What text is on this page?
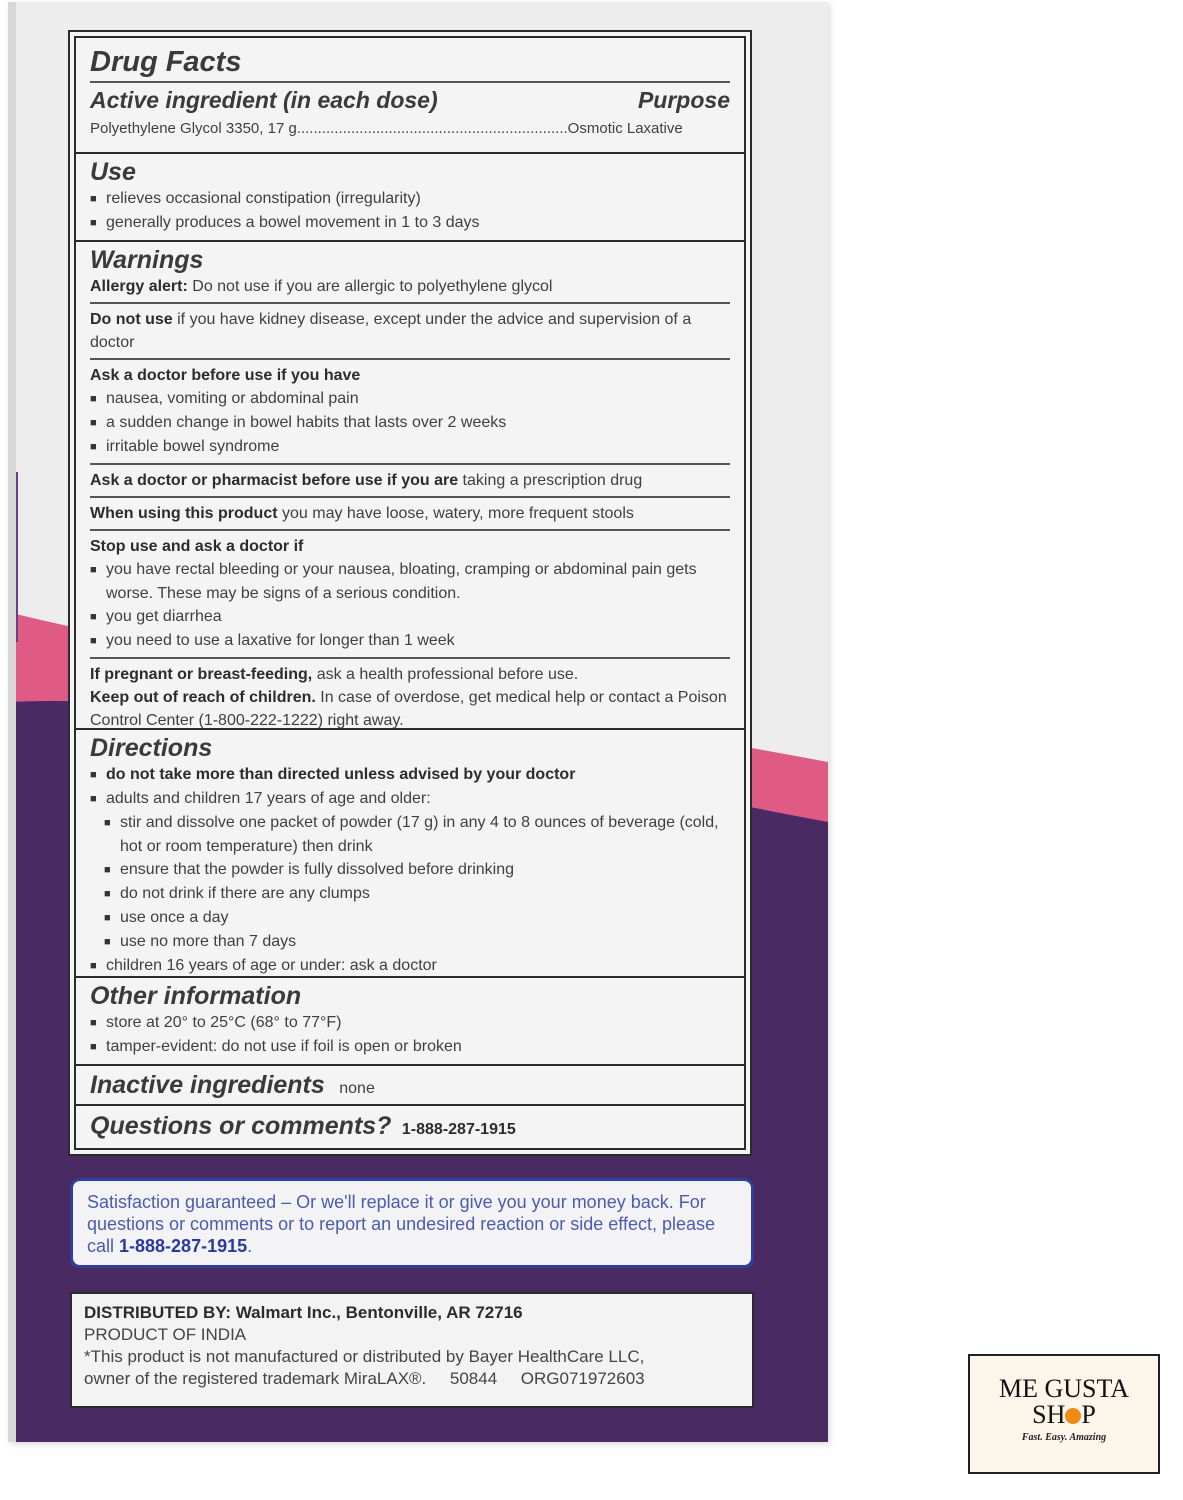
Drug Facts
Active ingredient (in each dose)	Purpose
Polyethylene Glycol 3350, 17 g.................................................................Osmotic Laxative
Use
■ relieves occasional constipation (irregularity)
■ generally produces a bowel movement in 1 to 3 days
Warnings
Allergy alert: Do not use if you are allergic to polyethylene glycol
Do not use if you have kidney disease, except under the advice and supervision of a doctor
Ask a doctor before use if you have
■ nausea, vomiting or abdominal pain
■ a sudden change in bowel habits that lasts over 2 weeks
■ irritable bowel syndrome
Ask a doctor or pharmacist before use if you are taking a prescription drug
When using this product you may have loose, watery, more frequent stools
Stop use and ask a doctor if
■ you have rectal bleeding or your nausea, bloating, cramping or abdominal pain gets worse. These may be signs of a serious condition.
■ you get diarrhea
■ you need to use a laxative for longer than 1 week
If pregnant or breast-feeding, ask a health professional before use.
Keep out of reach of children. In case of overdose, get medical help or contact a Poison Control Center (1-800-222-1222) right away.
Directions
■ do not take more than directed unless advised by your doctor
■ adults and children 17 years of age and older:
■ stir and dissolve one packet of powder (17 g) in any 4 to 8 ounces of beverage (cold, hot or room temperature) then drink
■ ensure that the powder is fully dissolved before drinking
■ do not drink if there are any clumps
■ use once a day
■ use no more than 7 days
■ children 16 years of age or under: ask a doctor
Other information
■ store at 20° to 25°C (68° to 77°F)
■ tamper-evident: do not use if foil is open or broken
Inactive ingredients none
Questions or comments? 1-888-287-1915
Satisfaction guaranteed – Or we'll replace it or give you your money back. For questions or comments or to report an undesired reaction or side effect, please call 1-888-287-1915.
DISTRIBUTED BY: Walmart Inc., Bentonville, AR 72716
PRODUCT OF INDIA
*This product is not manufactured or distributed by Bayer HealthCare LLC,
owner of the registered trademark MiraLAX®.     50844     ORG071972603	ME GUSTA
SH P
Fast. Easy. Amazing
